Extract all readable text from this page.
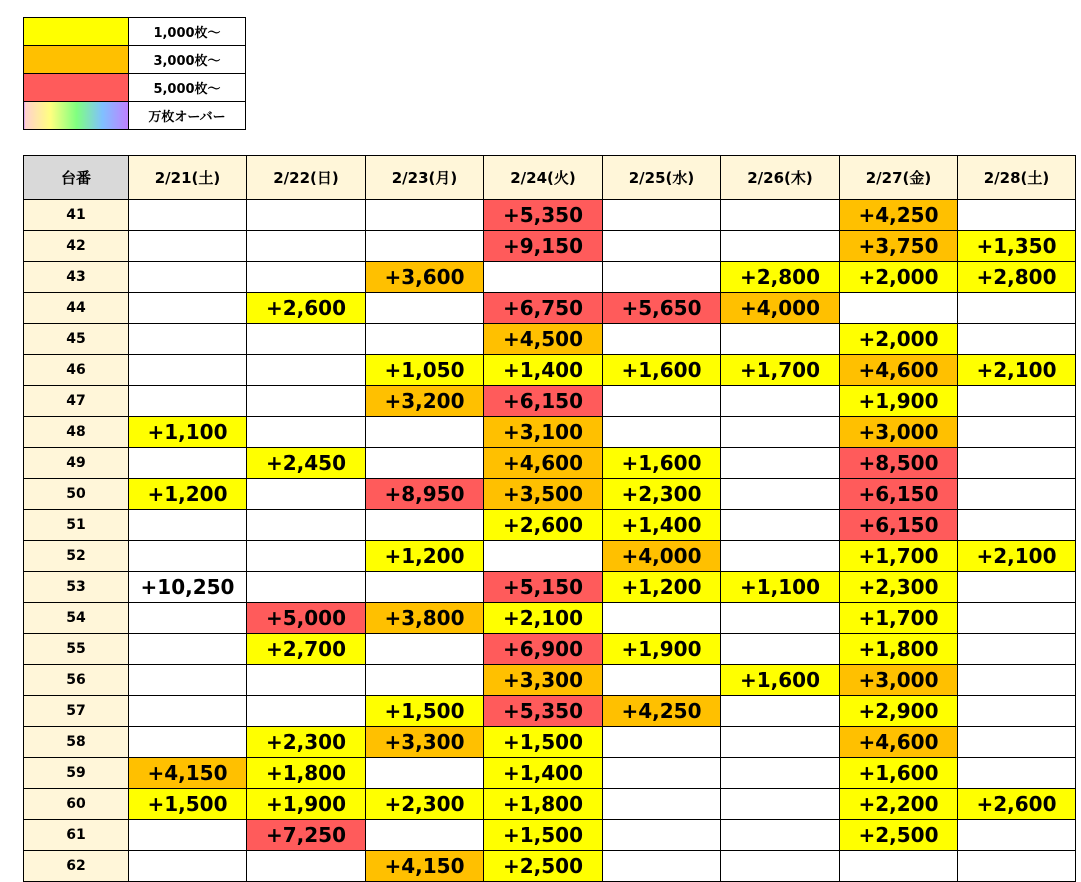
	1,000枚～
	3,000枚～
	5,000枚～
	万枚オーバー
台番	2/21(土)	2/22(日)	2/23(月)	2/24(火)	2/25(水)	2/26(木)	2/27(金)	2/28(土)
41				+5,350			+4,250	
42				+9,150			+3,750	+1,350
43			+3,600			+2,800	+2,000	+2,800
44		+2,600		+6,750	+5,650	+4,000		
45				+4,500			+2,000	
46			+1,050	+1,400	+1,600	+1,700	+4,600	+2,100
47			+3,200	+6,150			+1,900	
48	+1,100			+3,100			+3,000	
49		+2,450		+4,600	+1,600		+8,500	
50	+1,200		+8,950	+3,500	+2,300		+6,150	
51				+2,600	+1,400		+6,150	
52			+1,200		+4,000		+1,700	+2,100
53	+10,250			+5,150	+1,200	+1,100	+2,300	
54		+5,000	+3,800	+2,100			+1,700	
55		+2,700		+6,900	+1,900		+1,800	
56				+3,300		+1,600	+3,000	
57			+1,500	+5,350	+4,250		+2,900	
58		+2,300	+3,300	+1,500			+4,600	
59	+4,150	+1,800		+1,400			+1,600	
60	+1,500	+1,900	+2,300	+1,800			+2,200	+2,600
61		+7,250		+1,500			+2,500	
62			+4,150	+2,500				
